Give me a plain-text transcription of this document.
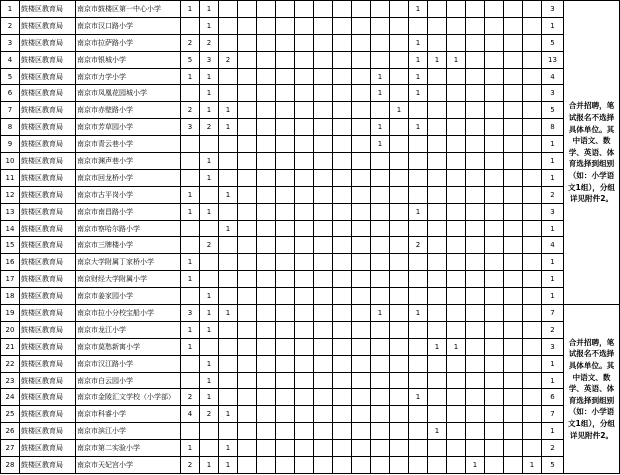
1	鼓楼区教育局	南京市鼓楼区第一中心小学	1	1											1							3	合并招聘，笔试报名不选择具体单位。其中语文、数学、英语、体育选择到组别（如：小学语文1组），分组详见附件2。
2	鼓楼区教育局	南京市汉口路小学		1																		1	
3	鼓楼区教育局	南京市拉萨路小学	2	2											1							5	
4	鼓楼区教育局	南京市银城小学	5	3	2										1	1	1					13	
5	鼓楼区教育局	南京市力学小学	1	1									1		1							4	
6	鼓楼区教育局	南京市凤凰花园城小学		1									1		1							3	
7	鼓楼区教育局	南京市赤壁路小学	2	1	1									1								5	
8	鼓楼区教育局	南京市芳草园小学	3	2	1								1		1							8	
9	鼓楼区教育局	南京市青云巷小学											1									1	
10	鼓楼区教育局	南京市渊声巷小学		1																		1	
11	鼓楼区教育局	南京市回龙桥小学		1																		1	
12	鼓楼区教育局	南京市古平岗小学	1		1																	2	
13	鼓楼区教育局	南京市南昌路小学	1	1											1							3	
14	鼓楼区教育局	南京市察哈尔路小学			1																	1	
15	鼓楼区教育局	南京市三牌楼小学		2											2							4	
16	鼓楼区教育局	南京大学附属丁家桥小学	1																			1	
17	鼓楼区教育局	南京财经大学附属小学	1																			1	
18	鼓楼区教育局	南京市姜家园小学		1																		1	
19	鼓楼区教育局	南京市拉小分校宝船小学	3	1	1								1		1							7	合并招聘，笔试报名不选择具体单位。其中语文、数学、英语、体育选择到组别（如：小学语文1组），分组详见附件2。
20	鼓楼区教育局	南京市龙江小学	1	1																		2	
21	鼓楼区教育局	南京市莫愁新寓小学	1													1	1					3	
22	鼓楼区教育局	南京市汉江路小学		1																		1	
23	鼓楼区教育局	南京市白云园小学		1																		1	
24	鼓楼区教育局	南京市金陵汇文学校（小学部）	2	1											1							6	
25	鼓楼区教育局	南京市科睿小学	4	2	1																	7	
26	鼓楼区教育局	南京市滨江小学														1						1	
27	鼓楼区教育局	南京市第二实验小学	1		1																	2	
28	鼓楼区教育局	南京市天妃宫小学	2	1	1													1			1	5	
